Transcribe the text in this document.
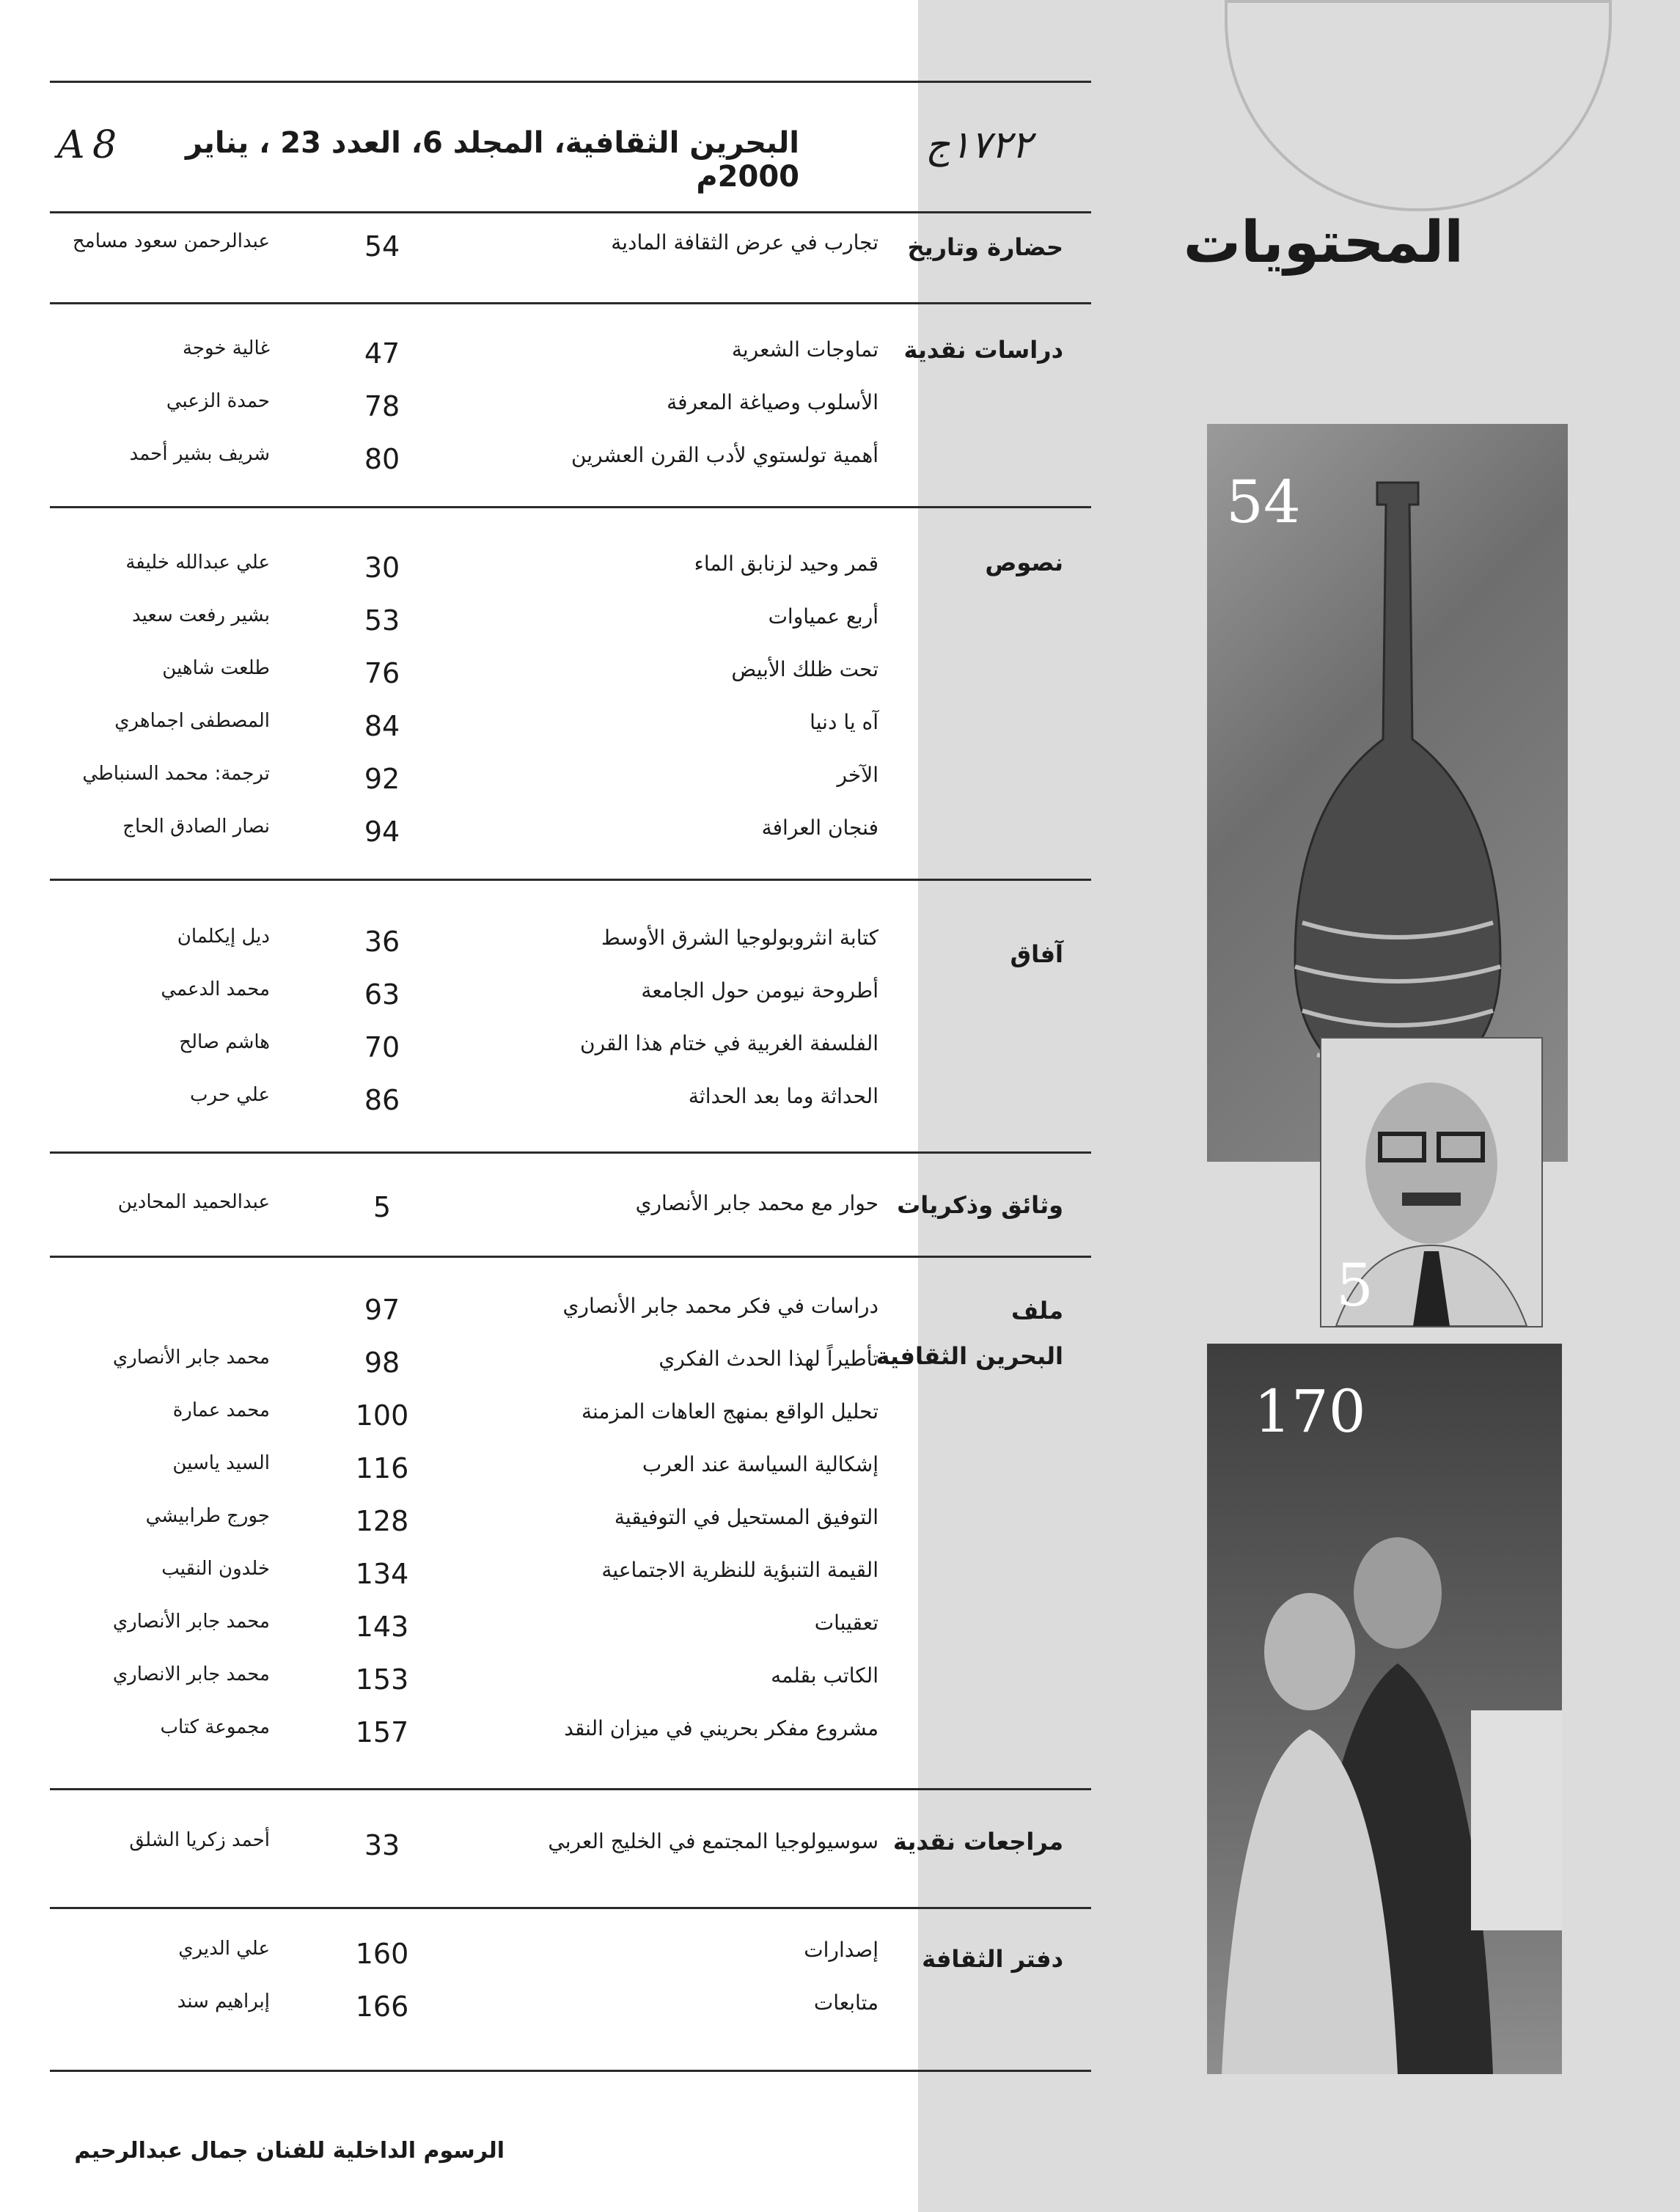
A 8	البحرين الثقافية، المجلد 6، العدد 23 ، يناير 2000م
١٧٢٢ج
المحتويات
حضارة وتاريخ
تجارب في عرض الثقافة المادية
54
عبدالرحمن سعود مسامح
دراسات نقدية
تماوجات الشعرية
47
غالية خوجة
الأسلوب وصياغة المعرفة
78
حمدة الزعبي
أهمية تولستوي لأدب القرن العشرين
80
شريف بشير أحمد
نصوص
قمر وحيد لزنابق الماء
30
علي عبدالله خليفة
أربع عمياوات
53
بشير رفعت سعيد
تحت ظلك الأبيض
76
طلعت شاهين
آه يا دنيا
84
المصطفى اجماهري
الآخر
92
ترجمة: محمد السنباطي
فنجان العرافة
94
نصار الصادق الحاج
آفاق
كتابة انثروبولوجيا الشرق الأوسط
36
ديل إيكلمان
أطروحة نيومن حول الجامعة
63
محمد الدعمي
الفلسفة الغربية في ختام هذا القرن
70
هاشم صالح
الحداثة وما بعد الحداثة
86
علي حرب
وثائق وذكريات
حوار مع محمد جابر الأنصاري
5
عبدالحميد المحادين
ملف
البحرين الثقافية
دراسات في فكر محمد جابر الأنصاري
97
تأطيراً لهذا الحدث الفكري
98
محمد جابر الأنصاري
تحليل الواقع بمنهج العاهات المزمنة
100
محمد عمارة
إشكالية السياسة عند العرب
116
السيد ياسين
التوفيق المستحيل في التوفيقية
128
جورج طرابيشي
القيمة التنبؤية للنظرية الاجتماعية
134
خلدون النقيب
تعقيبات
143
محمد جابر الأنصاري
الكاتب بقلمه
153
محمد جابر الانصاري
مشروع مفكر بحريني في ميزان النقد
157
مجموعة كتاب
مراجعات نقدية
سوسيولوجيا المجتمع في الخليج العربي
33
أحمد زكريا الشلق
دفتر الثقافة
إصدارات
160
علي الديري
متابعات
166
إبراهيم سند
الرسوم الداخلية للفنان جمال عبدالرحيم
54
5
170
